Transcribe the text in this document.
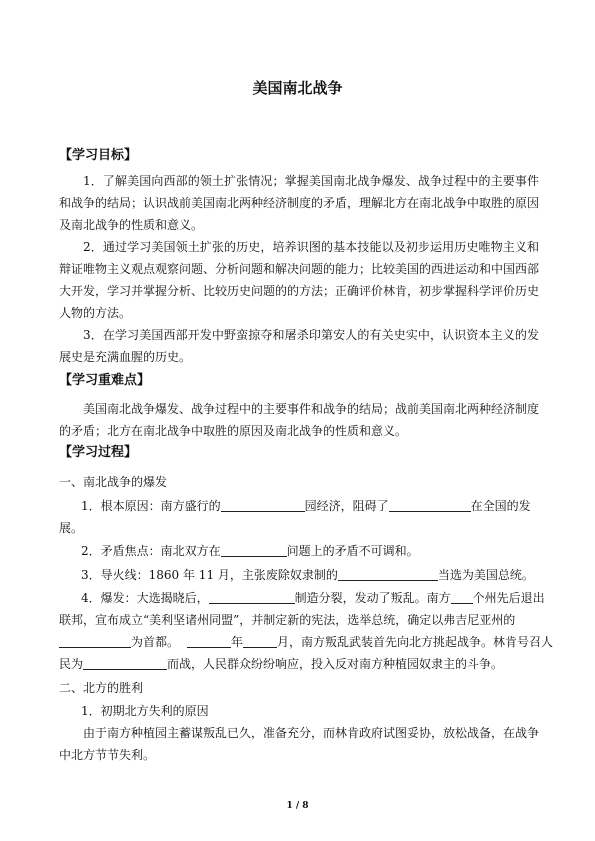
美国南北战争
【学习目标】
1．了解美国向西部的领土扩张情况；掌握美国南北战争爆发、战争过程中的主要事件和战争的结局；认识战前美国南北两种经济制度的矛盾，理解北方在南北战争中取胜的原因及南北战争的性质和意义。
2．通过学习美国领土扩张的历史，培养识图的基本技能以及初步运用历史唯物主义和辩证唯物主义观点观察问题、分析问题和解决问题的能力；比较美国的西进运动和中国西部大开发，学习并掌握分析、比较历史问题的的方法；正确评价林肯，初步掌握科学评价历史人物的方法。
3．在学习美国西部开发中野蛮掠夺和屠杀印第安人的有关史实中，认识资本主义的发展史是充满血腥的历史。
【学习重难点】
美国南北战争爆发、战争过程中的主要事件和战争的结局；战前美国南北两种经济制度的矛盾；北方在南北战争中取胜的原因及南北战争的性质和意义。
【学习过程】
一、南北战争的爆发
1．根本原因：南方盛行的	园经济，阻碍了	在全国的发
展。
2．矛盾焦点：南北双方在	问题上的矛盾不可调和。
3．导火线：1860 年 11 月，主张废除奴隶制的	当选为美国总统。
4．爆发：大选揭晓后，	制造分裂，发动了叛乱。南方 个州先后退出
联邦，宣布成立“美利坚诸州同盟”，并制定新的宪法，选举总统，确定以弗吉尼亚州的
为首都。	年	月，南方叛乱武装首先向北方挑起战争。林肯号召人
民为	而战，人民群众纷纷响应，投入反对南方种植园奴隶主的斗争。
二、北方的胜利
1．初期北方失利的原因
由于南方种植园主蓄谋叛乱已久，准备充分，而林肯政府试图妥协，放松战备，在战争中北方节节失利。
1 / 8
